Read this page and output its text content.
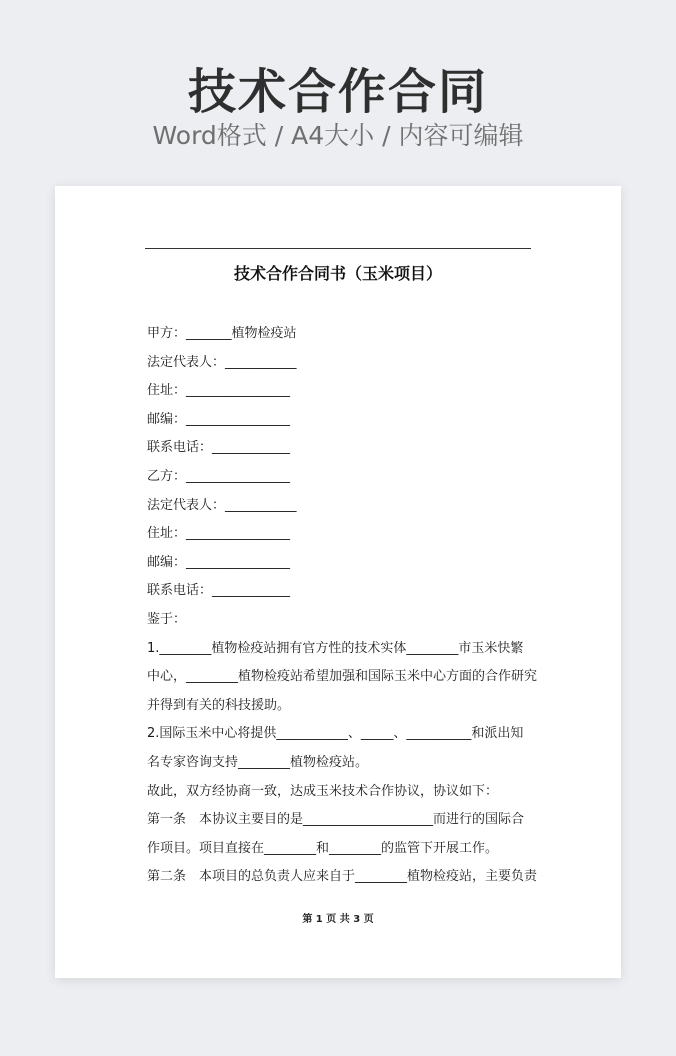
技术合作合同
Word格式 / A4大小 / 内容可编辑
技术合作合同书（玉米项目）
甲方：_______植物检疫站
法定代表人：___________
住址：________________
邮编：________________
联系电话：____________
乙方：________________
法定代表人：___________
住址：________________
邮编：________________
联系电话：____________
鉴于：
1.________植物检疫站拥有官方性的技术实体________市玉米快繁
中心，________植物检疫站希望加强和国际玉米中心方面的合作研究
并得到有关的科技援助。
2.国际玉米中心将提供___________、_____、__________和派出知
名专家咨询支持________植物检疫站。
故此，双方经协商一致，达成玉米技术合作协议，协议如下：
第一条　本协议主要目的是____________________而进行的国际合
作项目。项目直接在________和________的监管下开展工作。
第二条　本项目的总负责人应来自于________植物检疫站，主要负责
第 1 页 共 3 页
